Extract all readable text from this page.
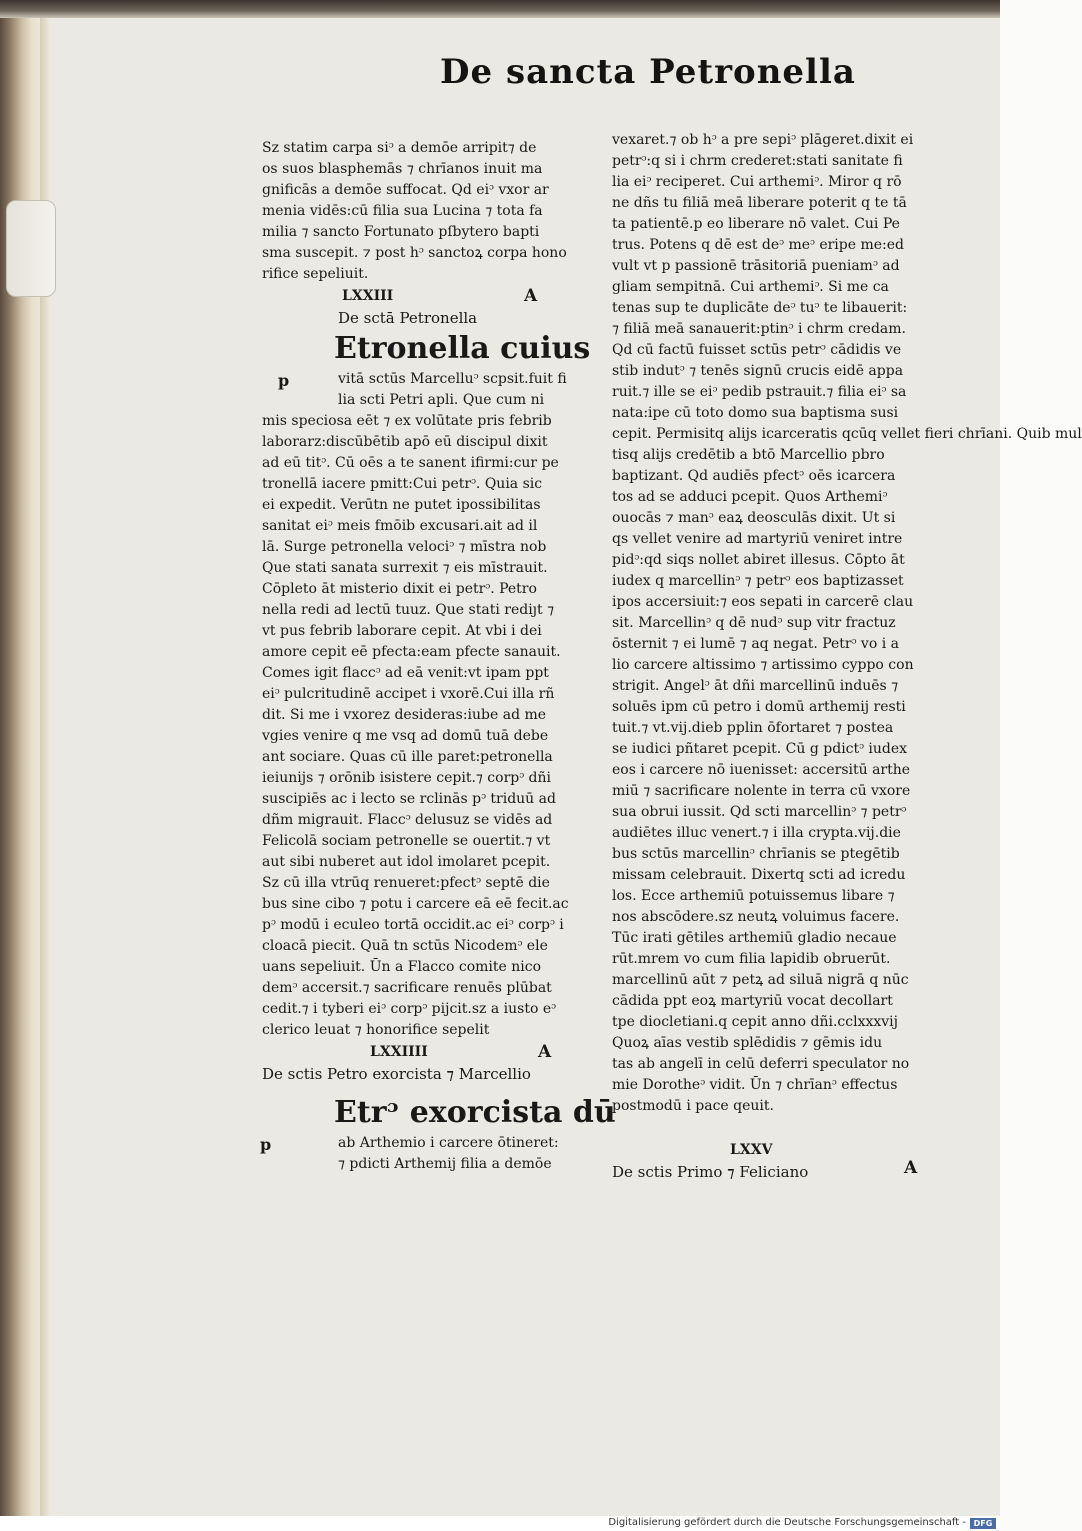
De sancta Petronella
Sz statim carpa siᵓ a demōe arripit⁊ de
os suos blasphemās ⁊ chrīanos inuit ma
gnificās a demōe suffocat. Qd eiᵓ vxor ar
menia vidēs:cū filia sua Lucina ⁊ tota fa
milia ⁊ sancto Fortunato pſbytero bapti
sma suscepit. ⁊ post hᵓ sanctoꝝ corpa hono
rifice sepeliuit.
LXXIII	A
De sctā Petronella
Etronella cuius
p	vitā sctūs Marcelluᵓ scpsit.fuit fi
lia scti Petri apli. Que cum ni
mis speciosa eēt ⁊ ex volūtate pris febrib
laborarz:discūbētib apō eū discipul dixit
ad eū titᵓ. Cū oēs a te sanent ifirmi:cur pe
tronellā iacere pmitt:Cui petrᵓ. Quia sic
ei expedit. Verūtn ne putet ipossibilitas
sanitat eiᵓ meis fmōib excusari.ait ad il
lā. Surge petronella velociᵓ ⁊ mīstra nob
Que stati sanata surrexit ⁊ eis mīstrauit.
Cōpleto āt misterio dixit ei petrᵓ. Petro
nella redi ad lectū tuuz. Que stati rediȷt ⁊
vt pus febrib laborare cepit. At vbi i dei
amore cepit eē pfecta:eam pfecte sanauit.
Comes igit flaccᵓ ad eā venit:vt ipam ppt
eiᵓ pulcritudinē accipet i vxorē.Cui illa rñ
dit. Si me i vxorez desideras:iube ad me
vgies venire q me vsq ad domū tuā debe
ant sociare. Quas cū ille paret:petronella
ieiunijs ⁊ orōnib isistere cepit.⁊ corpᵓ dñi
suscipiēs ac i lecto se rclinās pᵓ triduū ad
dñm migrauit. Flaccᵓ delusuz se vidēs ad
Felicolā sociam petronelle se ouertit.⁊ vt
aut sibi nuberet aut idol imolaret pcepit.
Sz cū illa vtrūq renueret:pfectᵓ septē die
bus sine cibo ⁊ potu i carcere eā eē fecit.ac
pᵓ modū i eculeo tortā occidit.ac eiᵓ corpᵓ i
cloacā piecit. Quā tn sctūs Nicodemᵓ ele
uans sepeliuit. Ūn a Flacco comite nico
demᵓ accersit.⁊ sacrificare renuēs plūbat
cedit.⁊ i tyberi eiᵓ corpᵓ pijcit.sz a iusto eᵓ
clerico leuat ⁊ honorifice sepelit
LXXIIII	A
De sctis Petro exorcista ⁊ Marcellio
Etrᵓ exorcista dū
p	ab Arthemio i carcere ōtineret:
⁊ pdicti Arthemij filia a demōe
vexaret.⁊ ob hᵓ a pre sepiᵓ plāgeret.dixit ei
petrᵓ:q si i chrm crederet:stati sanitate fi
lia eiᵓ reciperet. Cui arthemiᵓ. Miror q rō
ne dñs tu filiā meā liberare poterit q te tā
ta patientē.p eo liberare nō valet. Cui Pe
trus. Potens q dē est deᵓ meᵓ eripe me:ed
vult vt p passionē trāsitoriā pueniamᵓ ad
gliam sempitnā. Cui arthemiᵓ. Si me ca
tenas sup te duplicāte deᵓ tuᵓ te libauerit:
⁊ filiā meā sanauerit:ptinᵓ i chrm credam.
Qd cū factū fuisset sctūs petrᵓ cādidis ve
stib indutᵓ ⁊ tenēs signū crucis eidē appa
ruit.⁊ ille se eiᵓ pedib pstrauit.⁊ filia eiᵓ sa
nata:ipe cū toto domo sua baptisma susi
cepit. Permisitq alijs icarceratis qcūq vellet fieri chrīani. Quib mul
tisq alijs credētib a btō Marcellio pbro
baptizant. Qd audiēs pfectᵓ oēs icarcera
tos ad se adduci pcepit. Quos Arthemiᵓ
ouocās ⁊ manᵓ eaꝝ deosculās dixit. Ut si
qs vellet venire ad martyriū veniret intre
pidᵓ:qd siqs nollet abiret illesus. Cōpto āt
iudex q marcellinᵓ ⁊ petrᵓ eos baptizasset
ipos accersiuit:⁊ eos sepati in carcerē clau
sit. Marcellinᵓ q dē nudᵓ sup vitr fractuz
ōsternit ⁊ ei lumē ⁊ aq negat. Petrᵓ vo i a
lio carcere altissimo ⁊ artissimo cyppo con
strigit. Angelᵓ āt dñi marcellinū induēs ⁊
soluēs ipm cū petro i domū arthemij resti
tuit.⁊ vt.vij.dieb pplin ōfortaret ⁊ postea
se iudici pñtaret pcepit. Cū g pdictᵓ iudex
eos i carcere nō iuenisset: accersitū arthe
miū ⁊ sacrificare nolente in terra cū vxore
sua obrui iussit. Qd scti marcellinᵓ ⁊ petrᵓ
audiētes illuc venert.⁊ i illa crypta.vij.die
bus sctūs marcellinᵓ chrīanis se ptegētib
missam celebrauit. Dixertq scti ad icredu
los. Ecce arthemiū potuissemus libare ⁊
nos abscōdere.sz neutꝝ voluimus facere.
Tūc irati gētiles arthemiū gladio necaue
rūt.mrem vo cum filia lapidib obruerūt.
marcellinū aūt ⁊ petꝝ ad siluā nigrā q nūc
cādida ppt eoꝝ martyriū vocat decollart
tpe diocletiani.q cepit anno dñi.cclxxxvij
Quoꝝ aīas vestib splēdidis ⁊ gēmis idu
tas ab angelī in celū deferri speculator no
mie Dorotheᵓ vidit. Ūn ⁊ chrīanᵓ effectus
postmodū i pace qeuit.
LXXV
De sctis Primo ⁊ Feliciano	A
Digitalisierung gefördert durch die Deutsche Forschungsgemeinschaft - DFG
